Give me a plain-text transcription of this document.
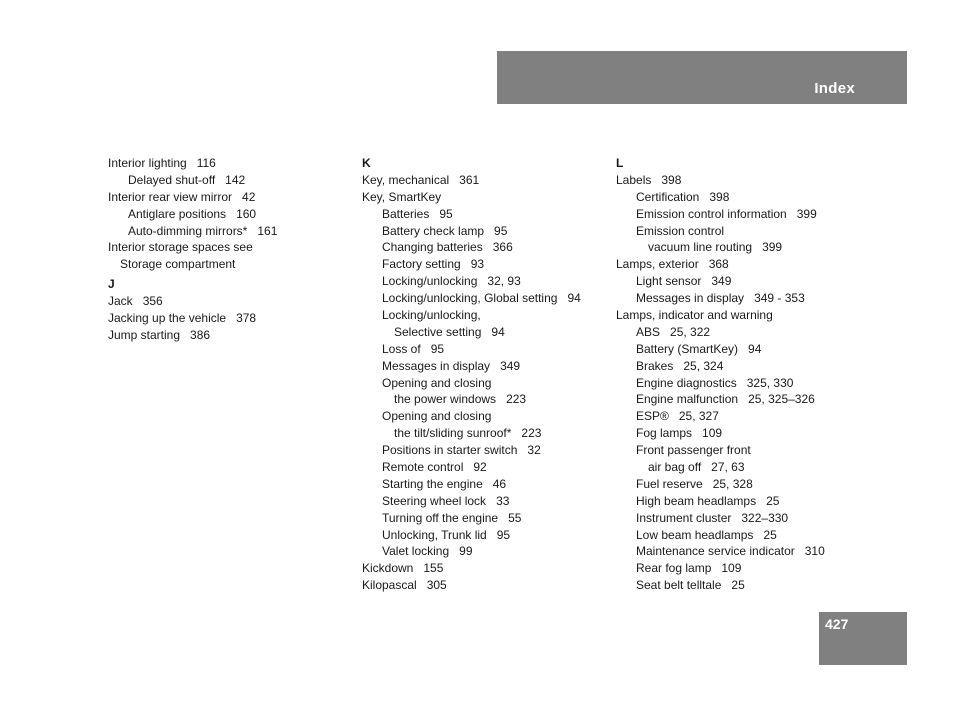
Index
Interior lighting 116
Delayed shut-off 142
Interior rear view mirror 42
Antiglare positions 160
Auto-dimming mirrors* 161
Interior storage spaces see
Storage compartment
J
Jack 356
Jacking up the vehicle 378
Jump starting 386
K
Key, mechanical 361
Key, SmartKey
Batteries 95
Battery check lamp 95
Changing batteries 366
Factory setting 93
Locking/unlocking 32, 93
Locking/unlocking, Global setting 94
Locking/unlocking,
Selective setting 94
Loss of 95
Messages in display 349
Opening and closing
the power windows 223
Opening and closing
the tilt/sliding sunroof* 223
Positions in starter switch 32
Remote control 92
Starting the engine 46
Steering wheel lock 33
Turning off the engine 55
Unlocking, Trunk lid 95
Valet locking 99
Kickdown 155
Kilopascal 305
L
Labels 398
Certification 398
Emission control information 399
Emission control
vacuum line routing 399
Lamps, exterior 368
Light sensor 349
Messages in display 349 - 353
Lamps, indicator and warning
ABS 25, 322
Battery (SmartKey) 94
Brakes 25, 324
Engine diagnostics 325, 330
Engine malfunction 25, 325–326
ESP® 25, 327
Fog lamps 109
Front passenger front
air bag off 27, 63
Fuel reserve 25, 328
High beam headlamps 25
Instrument cluster 322–330
Low beam headlamps 25
Maintenance service indicator 310
Rear fog lamp 109
Seat belt telltale 25
427
